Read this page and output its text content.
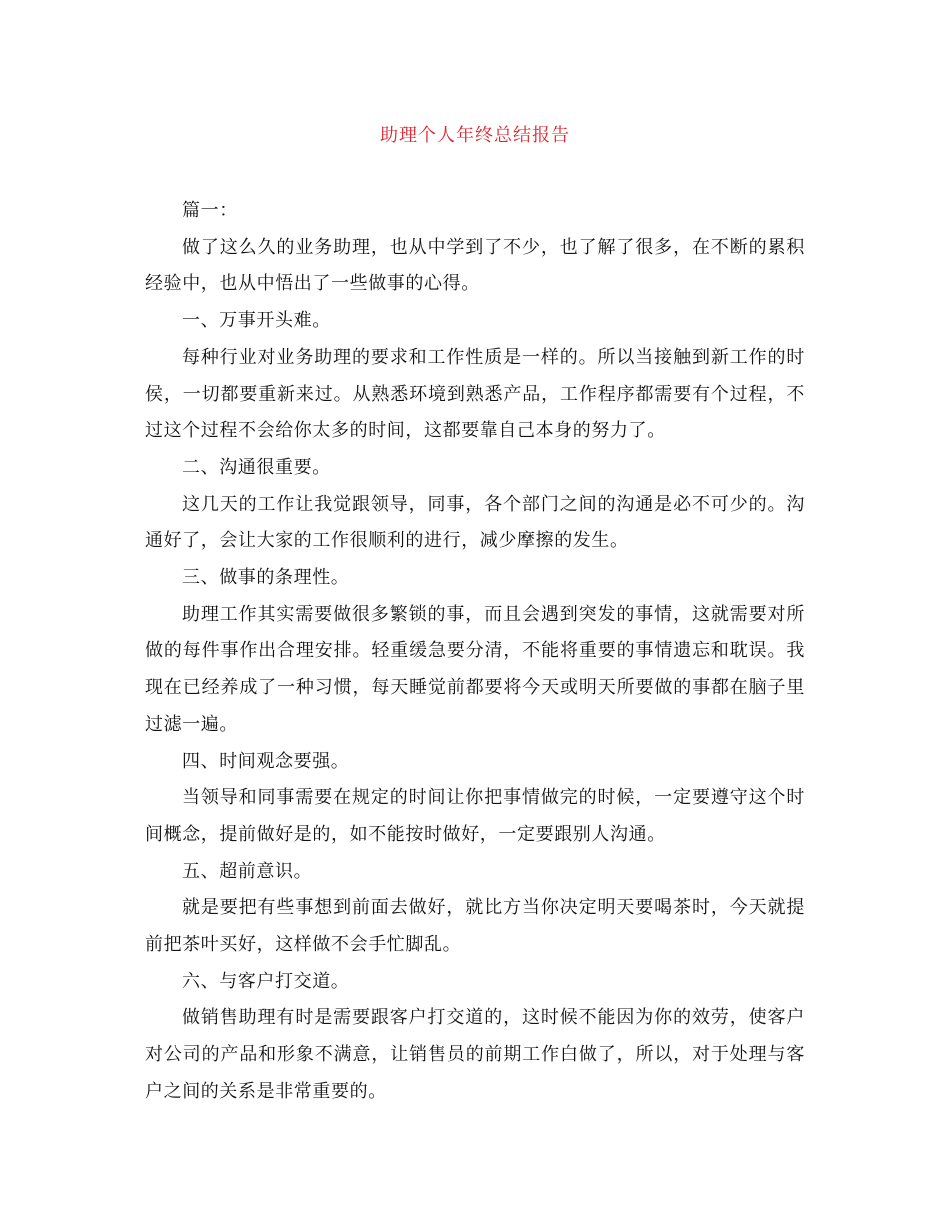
助理个人年终总结报告

篇一：

做了这么久的业务助理，也从中学到了不少，也了解了很多，在不断的累积经验中，也从中悟出了一些做事的心得。

一、万事开头难。

每种行业对业务助理的要求和工作性质是一样的。所以当接触到新工作的时侯，一切都要重新来过。从熟悉环境到熟悉产品，工作程序都需要有个过程，不过这个过程不会给你太多的时间，这都要靠自己本身的努力了。

二、沟通很重要。

这几天的工作让我觉跟领导，同事，各个部门之间的沟通是必不可少的。沟通好了，会让大家的工作很顺利的进行，减少摩擦的发生。

三、做事的条理性。

助理工作其实需要做很多繁锁的事，而且会遇到突发的事情，这就需要对所做的每件事作出合理安排。轻重缓急要分清，不能将重要的事情遗忘和耽误。我现在已经养成了一种习惯，每天睡觉前都要将今天或明天所要做的事都在脑子里过滤一遍。

四、时间观念要强。

当领导和同事需要在规定的时间让你把事情做完的时候，一定要遵守这个时间概念，提前做好是的，如不能按时做好，一定要跟别人沟通。

五、超前意识。

就是要把有些事想到前面去做好，就比方当你决定明天要喝茶时，今天就提前把茶叶买好，这样做不会手忙脚乱。

六、与客户打交道。

做销售助理有时是需要跟客户打交道的，这时候不能因为你的效劳，使客户对公司的产品和形象不满意，让销售员的前期工作白做了，所以，对于处理与客户之间的关系是非常重要的。
